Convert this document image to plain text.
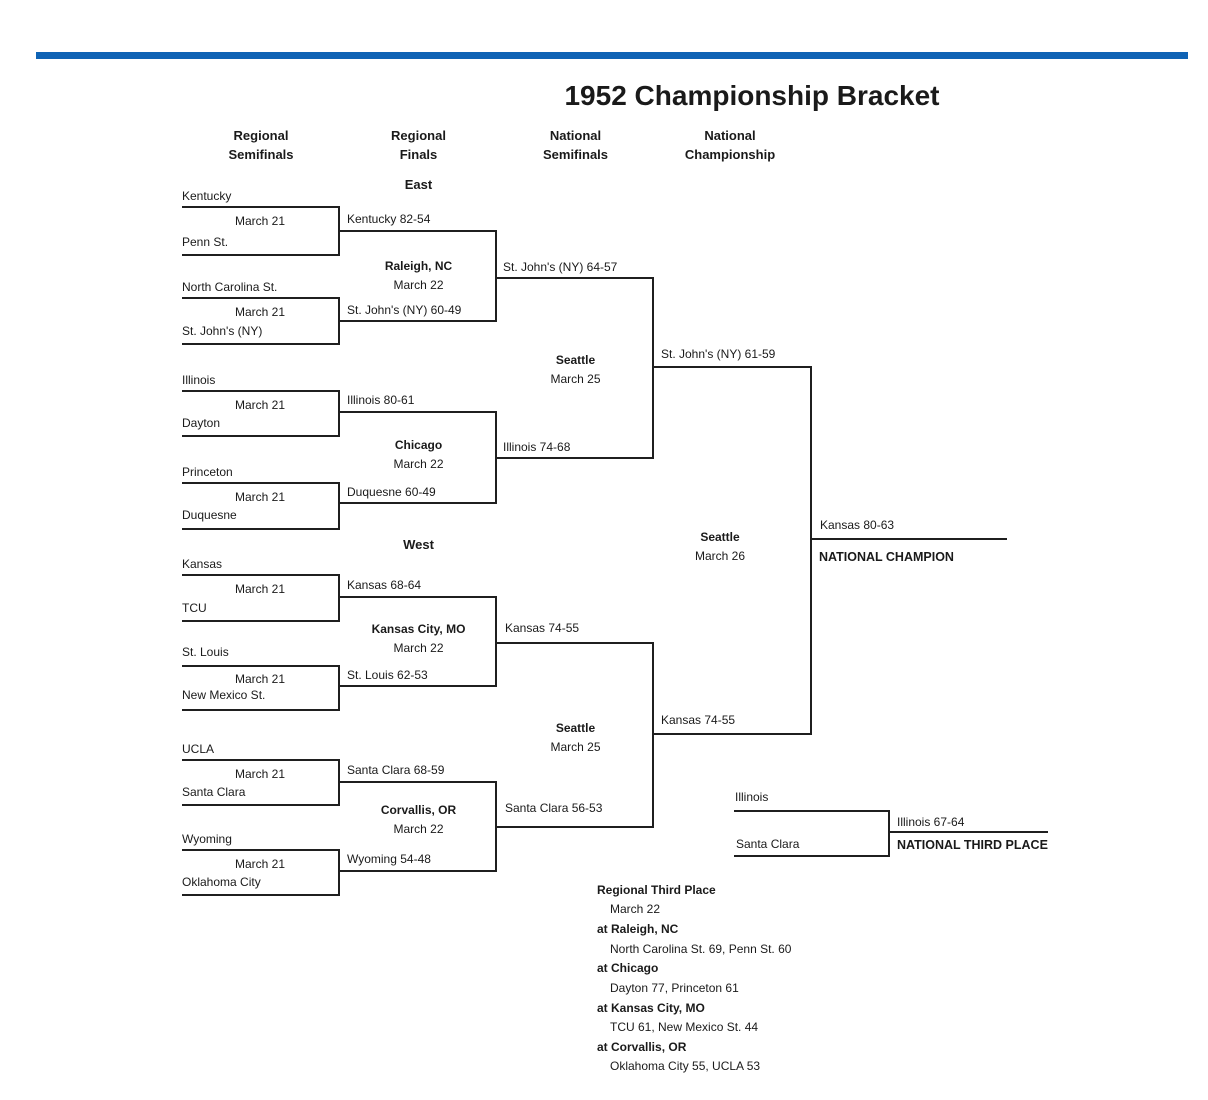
1952 Championship Bracket
Regional
Semifinals
Regional
Finals
National
Semifinals
National
Championship
East
West
Kentucky
March 21
Penn St.
North Carolina St.
March 21
St. John's (NY)
Illinois
March 21
Dayton
Princeton
March 21
Duquesne
Kansas
March 21
TCU
St. Louis
March 21
New Mexico St.
UCLA
March 21
Santa Clara
Wyoming
March 21
Oklahoma City
Kentucky 82-54
Raleigh, NC
March 22
St. John's (NY) 60-49
Illinois 80-61
Chicago
March 22
Duquesne 60-49
Kansas 68-64
Kansas City, MO
March 22
St. Louis 62-53
Santa Clara 68-59
Corvallis, OR
March 22
Wyoming 54-48
St. John's (NY) 64-57
Seattle
March 25
Illinois 74-68
Kansas 74-55
Seattle
March 25
Santa Clara 56-53
St. John's (NY) 61-59
Seattle
March 26
Kansas 74-55
Kansas 80-63
NATIONAL CHAMPION
Illinois
Santa Clara
Illinois 67-64
NATIONAL THIRD PLACE
Regional Third Place
March 22
at Raleigh, NC
North Carolina St. 69, Penn St. 60
at Chicago
Dayton 77, Princeton 61
at Kansas City, MO
TCU 61, New Mexico St. 44
at Corvallis, OR
Oklahoma City 55, UCLA 53
